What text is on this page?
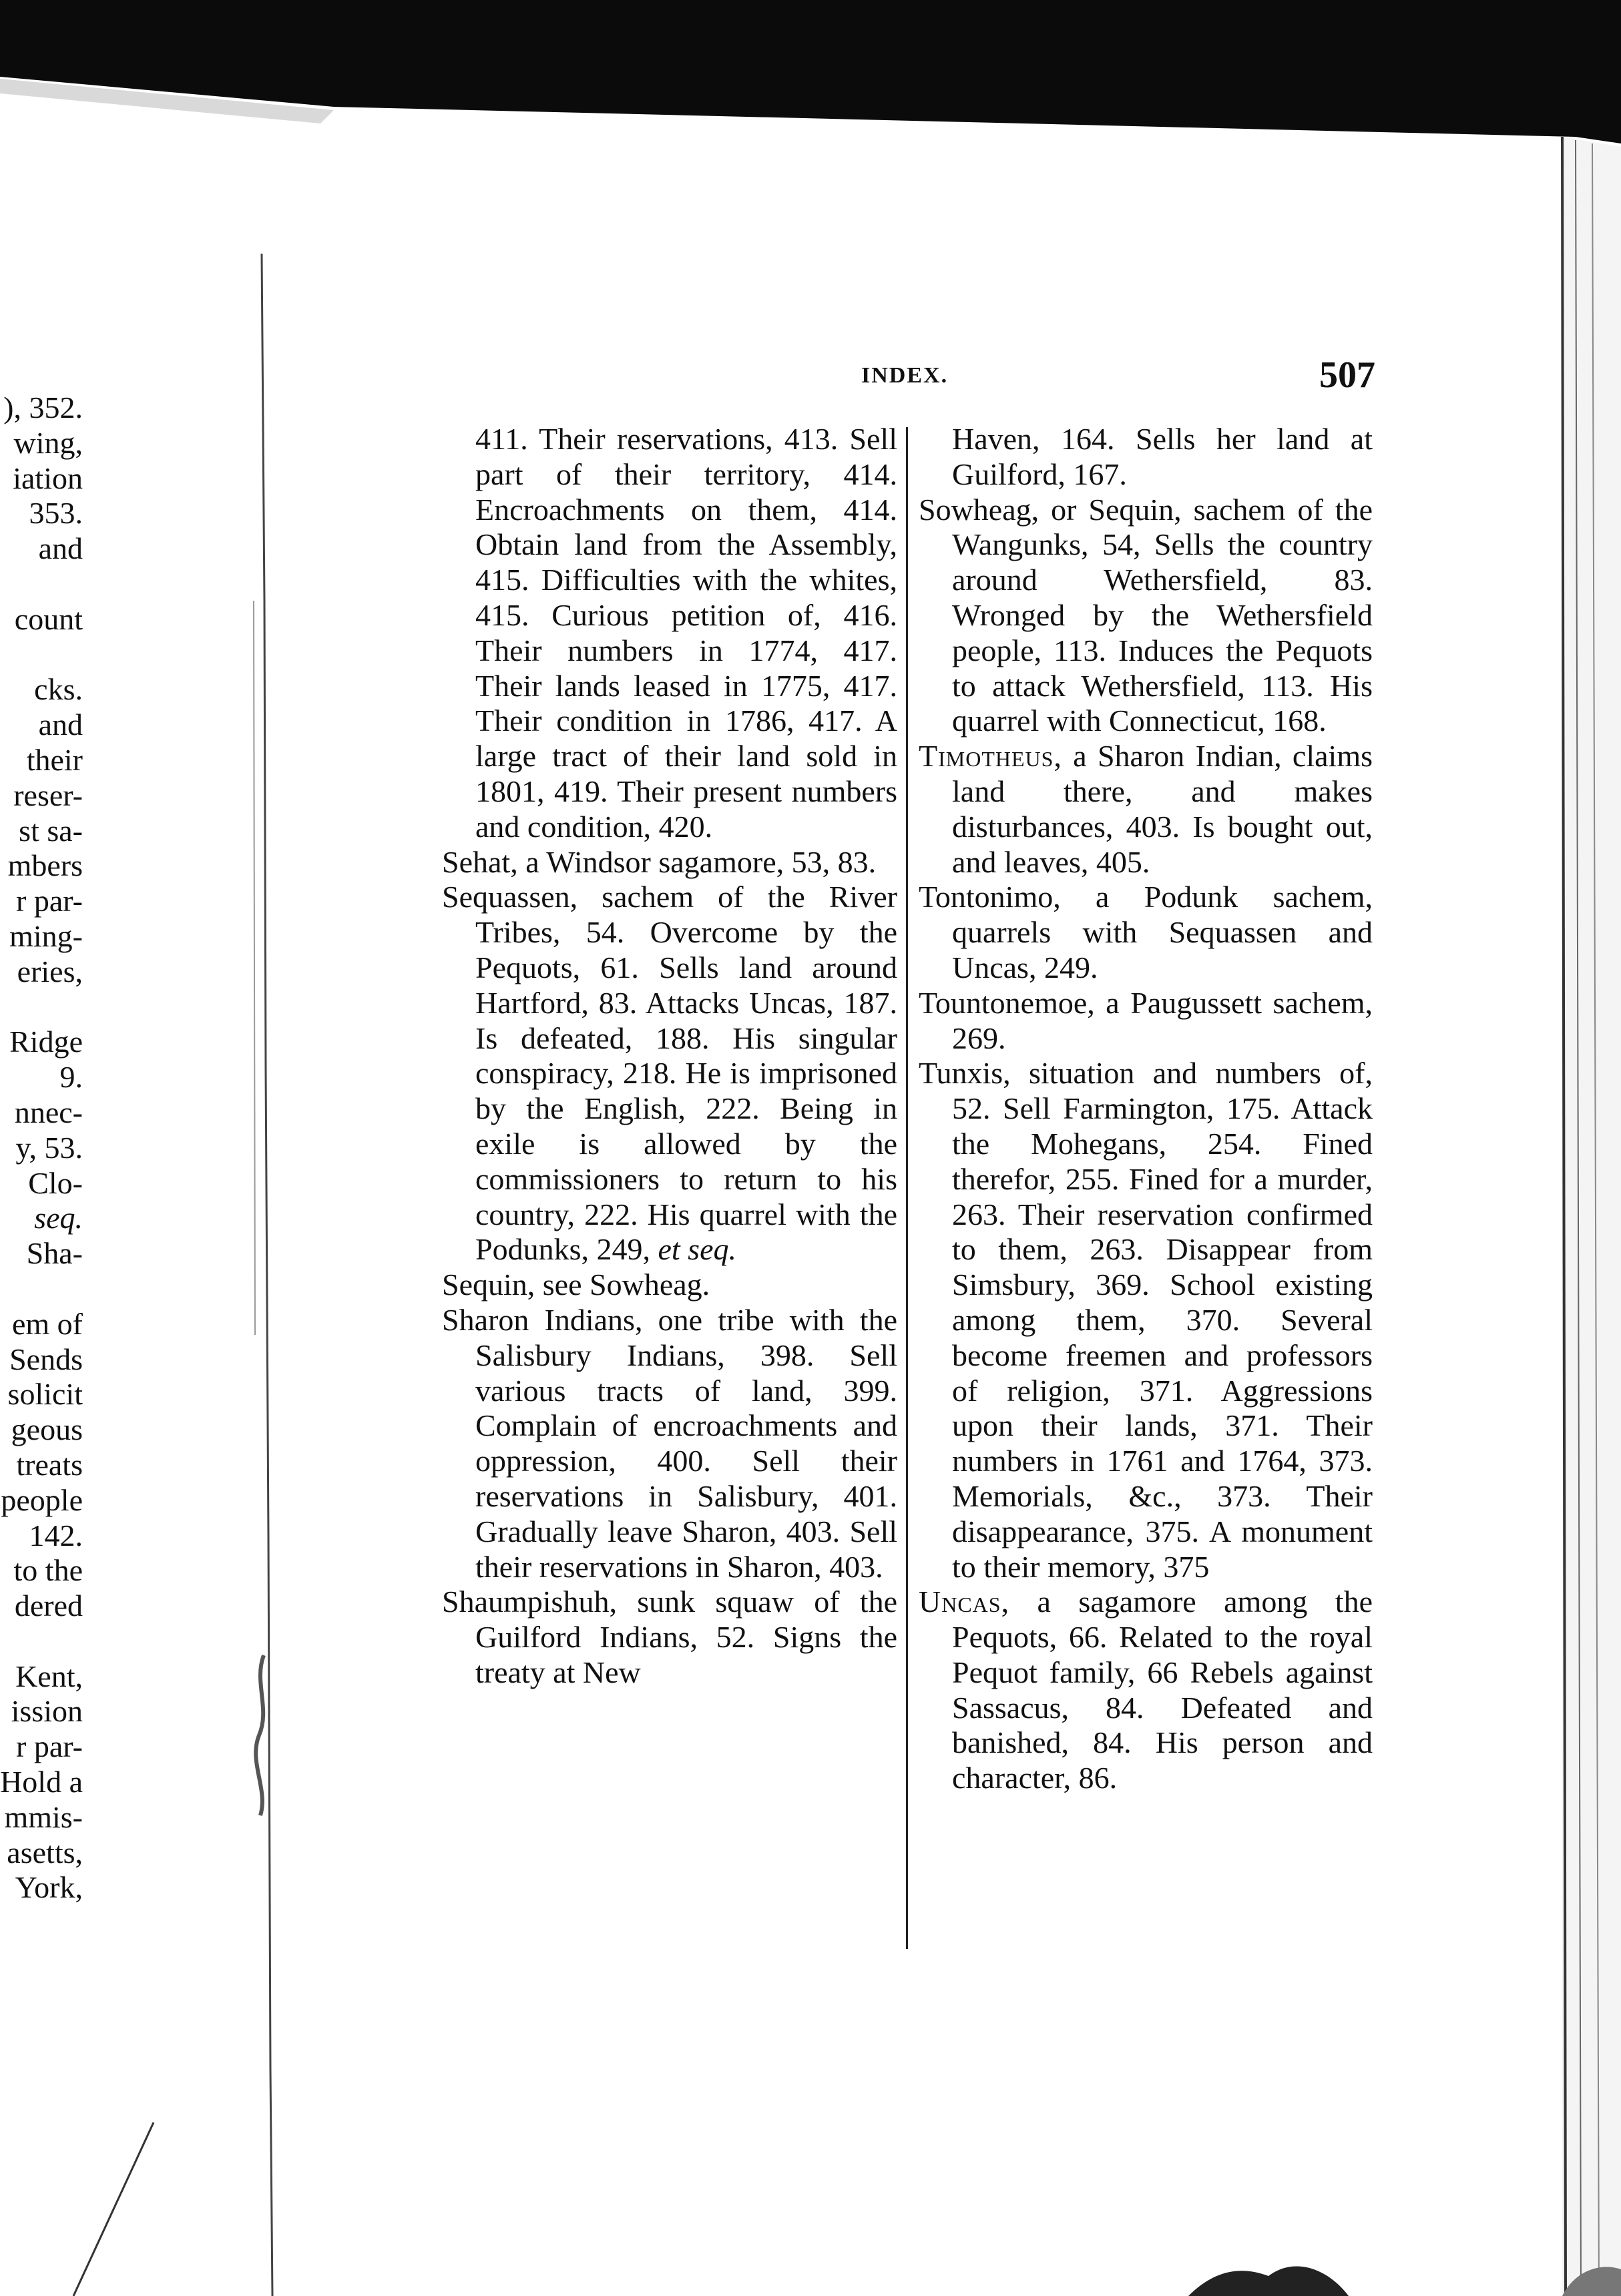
), 352.
wing,
iation
353.
and
count
cks.
and
their
reser-
st sa-
mbers
r par-
ming-
eries,
Ridge
9.
nnec-
y, 53.
Clo-
seq.
Sha-
em of
Sends
solicit
geous
treats
people
142.
to the
dered
Kent,
ission
r par-
Hold a
mmis-
asetts,
York,
INDEX.	507

411. Their reservations, 413. Sell part of their territory, 414. Encroachments on them, 414. Obtain land from the Assembly, 415. Difficulties with the whites, 415. Curious petition of, 416. Their numbers in 1774, 417. Their lands leased in 1775, 417. Their condition in 1786, 417. A large tract of their land sold in 1801, 419. Their present numbers and condition, 420.

Sehat, a Windsor sagamore, 53, 83.

Sequassen, sachem of the River Tribes, 54. Overcome by the Pequots, 61. Sells land around Hartford, 83. Attacks Uncas, 187. Is defeated, 188. His singular conspiracy, 218. He is imprisoned by the English, 222. Being in exile is allowed by the commissioners to return to his country, 222. His quarrel with the Podunks, 249, et seq.

Sequin, see Sowheag.

Sharon Indians, one tribe with the Salisbury Indians, 398. Sell various tracts of land, 399. Complain of encroachments and oppression, 400. Sell their reservations in Salisbury, 401. Gradually leave Sharon, 403. Sell their reservations in Sharon, 403.

Shaumpishuh, sunk squaw of the Guilford Indians, 52. Signs the treaty at New

Haven, 164. Sells her land at Guilford, 167.

Sowheag, or Sequin, sachem of the Wangunks, 54, Sells the country around Wethersfield, 83. Wronged by the Wethersfield people, 113. Induces the Pequots to attack Wethersfield, 113. His quarrel with Connecticut, 168.

Timotheus, a Sharon Indian, claims land there, and makes disturbances, 403. Is bought out, and leaves, 405.

Tontonimo, a Podunk sachem, quarrels with Sequassen and Uncas, 249.

Tountonemoe, a Paugussett sachem, 269.

Tunxis, situation and numbers of, 52. Sell Farmington, 175. Attack the Mohegans, 254. Fined therefor, 255. Fined for a murder, 263. Their reservation confirmed to them, 263. Disappear from Simsbury, 369. School existing among them, 370. Several become freemen and professors of religion, 371. Aggressions upon their lands, 371. Their numbers in 1761 and 1764, 373. Memorials, &c., 373. Their disappearance, 375. A monument to their memory, 375

Uncas, a sagamore among the Pequots, 66. Related to the royal Pequot family, 66 Rebels against Sassacus, 84. Defeated and banished, 84. His person and character, 86.
